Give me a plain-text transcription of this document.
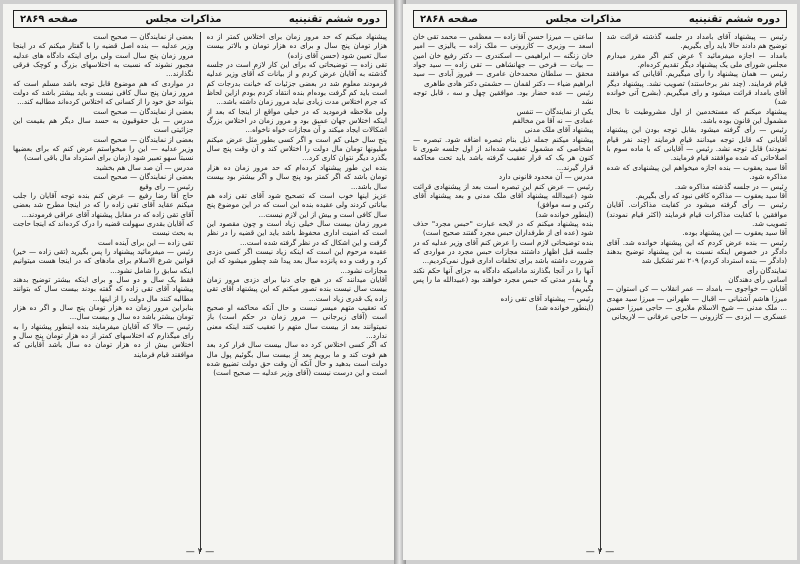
دوره ششم تقنینیه
مذاکرات مجلس
صفحه ۲۸۶۹

پیشنهاد میکنم که حد مرور زمان برای اختلاس کمتر از ده هزار تومان پنج سال و برای ده هزار تومان و بالاتر بیست سال تعیین شود (حسن آقای زاده)

تقی زاده — توضیحاتی که برای این کار لازم است در جلسه گذشته به آقایان عرض کردم و از بیانات که آقای وزیر عدلیه فرمودند معلوم شد در بعضی جزئیات که خیانت بدرجات کم است باید کم گرفت بوده‌ام بنده انتقاد کردم بودم ازاین لحاظ که جرم اختلاس مدت زیادی نباید مرور زمان داشته باشد...

ولی ملاحظه فرمودید که در خیلی مواقع از اینجا که بعد از اینکه اختلاس جهان عمیق بود و مرور زمان در اختلاس بزرگ اشکالات ایجاد میکند و آن مجازات خواه ناخواه...

پنج سال خیلی کم است و اگر کسی بطور مثل عرض میکنم میلیونها تومان مال دولت را اختلاس کند و آن وقت پنج سال بگذرد دیگر نتوان کاری کرد...

بنده این طور پیشنهاد کرده‌ام که حد مرور زمان ده هزار تومان باشد که اگر کمتر بود پنج سال و اگر بیشتر بود بیست سال باشد...

عزیز اینها خوب است که تصحیح شود آقای تقی زاده هم بیاناتی کردند ولی عقیده بنده این است که در این موضوع پنج سال کافی است و بیش از این لازم نیست...

مرور زمان بیست سال خیلی زیاد است و چون مقصود این است که امنیت اداری محفوظ باشد باید این قضیه را در نظر گرفت و این اشکال که در نظر گرفته شده است...

عقیده مرحوم این است که اینکه زیاد نیست اگر کسی دزدی کرد و رفت و ده پانزده سال بعد پیدا شد چطور میشود که این مجازات نشود...

آقایان میدانند که در هیچ جای دنیا برای دزدی مرور زمان بیست سال نیست بنده تصور میکنم که این پیشنهاد آقای تقی زاده یک قدری زیاد است...

که تعقیب متهم میسر نیست و حال آنکه محاکمه او صحیح است (آقای زیرجانی — مرور زمان در حکم است) باز نمیتوانند بعد از بیست سال متهم را تعقیب کنند اینکه معنی ندارد...

که اگر کسی اختلاس کرد ده سال بیست سال فرار کرد بعد هم فوت کند و ما برویم بعد از بیست سال بگوئیم پول مال دولت است بدهید و حال آنکه آن وقت حق دولت تضییع شده است و این درست نیست (آقای وزیر عدلیه — صحیح است)

بعضی از نمایندگان — صحیح است

وزیر عدلیه — بنده اصل قضیه را با گفتار میکنم که در اینجا مرور زمان پنج سال است ولی برای اینکه دادگاه های عدلیه مجبور نشوند که نسبت به اختلاسهای بزرگ و کوچک فرقی نگذارند...

در مواردی که هم موضوع قابل توجه باشد مسلم است که مرور زمان پنج سال کافی نیست و باید بیشتر باشد که دولت بتواند حق خود را از کسانی که اختلاس کرده‌اند مطالبه کند...

بعضی از نمایندگان — صحیح است

مدرس — بل حقوقیون به حسد سال دیگر هم بقیمت این جزائیتی است

بعضی از نمایندگان — صحیح است

وزیر عدلیه — این را میخواستم عرض کنم که برای بعضیها نسبتاً سهو تعبیر شود (زمان برای استرداد مال باقی است)

مدرس — آن صد سال هم بخشید

بعضی از نمایندگان — صحیح است

رئیس — رای وقیع

حاج آقا رضا رفیع — عرض کنم بنده توجه آقایان را جلب میکنم عقاید آقای تقی زاده را که در اینجا مطرح شد بعضی آقای تقی زاده که در مقابل پیشنهاد آقای عراقی فرمودند...

که آقایان بقدری سهولت قضیه را درک کرده‌اند که اینجا حاجت به بحث نیست

تقی زاده — این برای آینده است

رئیس — میفرمائید پیشنهاد را پس بگیرید (تقی زاده — خیر) قوانین شرع الاسلام برای مادهای که در اینجا هست میتوانیم اینکه سابق را شامل نشود...

فقط یک سال و دو سال و برای اینکه بیشتر توضیح بدهند پیشنهاد آقای تقی زاده که گفته بودند بیست سال که بتوانند مطالبه کنند مال دولت را از اینها...

بنابراین مرور زمان ده هزار تومان پنج سال و اگر ده هزار تومان بیشتر باشد ده سال و بیست سال...

رئیس — حالا که آقایان میفرمایند بنده اینطور پیشنهاد را به رای میگذارم که اختلاسهای کمتر از ده هزار تومان پنج سال و اختلاس بیش از ده هزار تومان ده سال باشد آقایانی که موافقند قیام فرمایند

— ۲ —
دوره ششم تقنینیه
مذاکرات مجلس
صفحه ۲۸۶۸

رئیس — پیشنهاد آقای بامداد در جلسه گذشته قرائت شد توضیح هم دادند حالا باید رأی بگیریم.

بامداد — اجازه میفرمائید ؟ عرض کنم اگر مقرر میدارم مجلس شورای ملی یک پیشنهاد دیگر تقدیم کرده‌ام.

رئیس — همان پیشنهاد را رأی میگیریم. آقایانی که موافقند قیام فرمایند. (چند نفر برخاستند) تصویب نشد. پیشنهاد دیگر آقای بامداد قرائت میشود و رای میگیریم. (بشرح آتی خوانده شد)

پیشنهاد میکنم که مستخدمین از اول مشروطیت تا بحال مشمول این قانون بوده باشد.

رئیس — رأی گرفته میشود بقابل توجه بودن این پیشنهاد آقایانی که قابل توجه میدانند قیام فرمایند (چند نفر قیام نمودند) قابل توجه نشد. رئیس — آقایانی که با ماده سوم با اصلاحاتی که شده موافقند قیام فرمایند.

آقا سید یعقوب — بنده اجازه میخواهم این پیشنهادی که شده مذاکره شود.

رئیس — در جلسه گذشته مذاکره شد.

آقا سید یعقوب — مذاکره کافی نبود که رأی بگیریم.

رئیس — رأی گرفته میشود در کفایت مذاکرات. آقایان موافقین با کفایت مذاکرات قیام فرمایند (اکثر قیام نمودند) تصویب شد.

آقا سید یعقوب — این پیشنهاد بوده.

رئیس — بنده عرض کردم که این پیشنهاد خوانده شد. آقای دادگر در خصوص اینکه نسبت به این پیشنهاد توضیح بدهند (دادگر — بنده استرداد کردم) ۲۰۹ نفر تشکیل شد

نمایندگان رأی

اسامی رأی دهندگان

آقایان — خواجوی — بامداد — عمر انقلاب — کی استوان — میرزا هاشم آشتیانی — اقبال — طهرانی — میرزا سید مهدی ... ملک مدنی — شیخ الاسلام ملایری — حاجی میرزا حسین عسکری — ایزدی — کازرونی — حاجی عرفانی — لاریجانی

ساعتی — میرزا حسن آقا زاده — معظمی — محمد تقی خان اسعد — وزیری — کازرونی — ملک زاده — یالیزی — امیر خان زنگنه — ابراهیمی — اسکندری — دکتر رفیع خان امین — بیات — فرخی — جهانشاهی — تقی زاده — سید جواد محقق — سلطان محمدخان عامری — فیروز آبادی — سید ابراهیم ضیاء — دکتر لقمان — حشمتی دکتر هادی طاهری

رئیس — عده حضار بود. موافقین چهل و سه ، قابل توجه نشد

یکی از نمایندگان — تنفس

عمادی — نه آقا من مخالفم

پیشنهاد آقای ملک مدنی

پیشنهاد میکنم جمله ذیل بنام تبصره اضافه شود. تبصره — اشخاصی که مشمول تعقیب شده‌اند از اول جلسه شوری تا کنون هر یک که قرار تعقیب گرفته باشد باید تحت محاکمه قرار گیرند...

مدرس — آن محدود قانونی دارد

رئیس — عرض کنم این تبصره است بعد از پیشنهادی قرائت شود (عبیدالله پیشنهاد آقای ملک مدنی و بعد پیشنهاد آقای رکنی و سه موافق)

(اینطور خوانده شد)

بنده پیشنهاد میکنم که در لایحه عبارت "حبس مجرد" حذف شود (عده ای از طرفداران حبس مجرد گفتند صحیح است)

بنده توضیحاتی لازم است را عرض کنم آقای وزیر عدلیه که در جلسه قبل اظهار داشتند مجازات حبس مجرد در مواردی که ضرورت داشته باشد برای تخلفات اداری قبول نمی‌کردیم...

آنها را در آنجا بگذارند مادامیکه دادگاه به جزای آنها حکم نکند و یا بقدر مدتی که حبس مجرد خواهند بود (عبیدالله ما را پس بگیریم)

رئیس — پیشنهاد آقای تقی زاده

(اینطور خوانده شد)

— ۲ —
